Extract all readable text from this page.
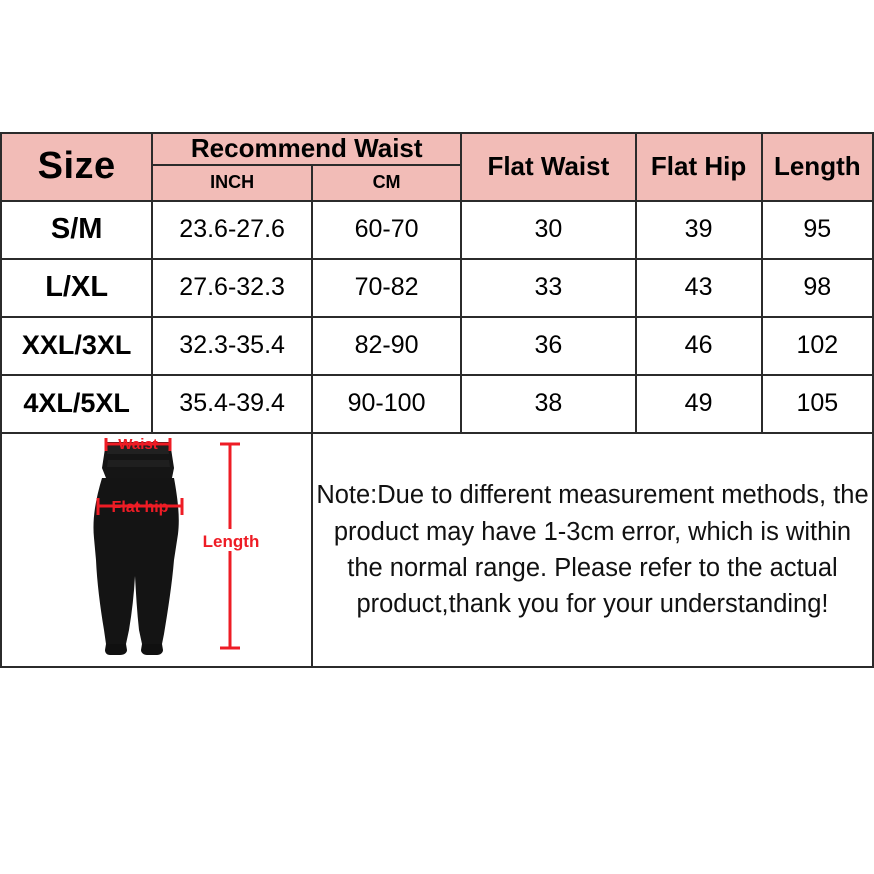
Size	Recommend Waist		Flat Waist	Flat Hip	Length
	INCH	CM			
S/M	23.6-27.6	60-70	30	39	95
L/XL	27.6-32.3	70-82	33	43	98
XXL/3XL	32.3-35.4	82-90	36	46	102
4XL/5XL	35.4-39.4	90-100	38	49	105

Waist
Flat hip
Length		Note:Due to different measurement methods, the product may have 1-3cm error, which is within the normal range. Please refer to the actual product,thank you for your understanding!			
